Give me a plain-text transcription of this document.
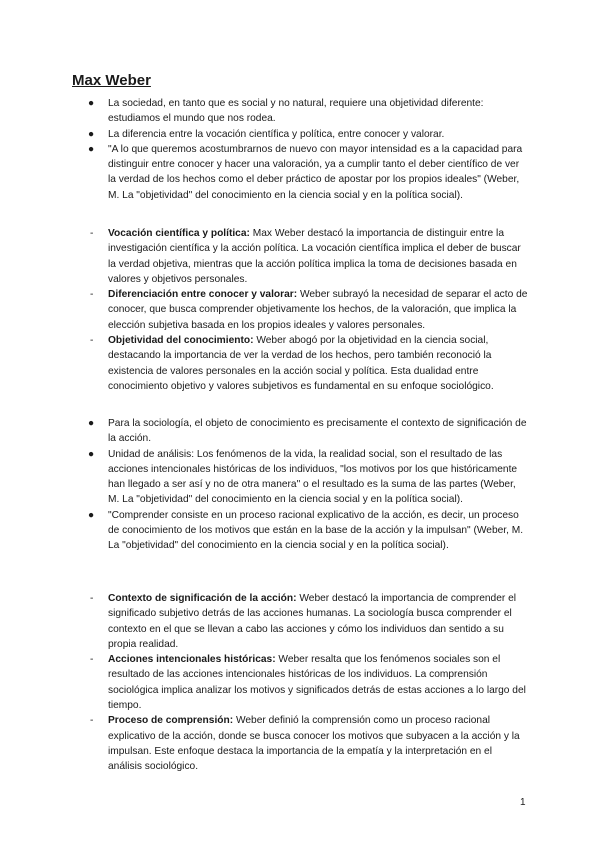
Max Weber
● La sociedad, en tanto que es social y no natural, requiere una objetividad diferente: estudiamos el mundo que nos rodea.
● La diferencia entre la vocación científica y política, entre conocer y valorar.
● "A lo que queremos acostumbrarnos de nuevo con mayor intensidad es a la capacidad para distinguir entre conocer y hacer una valoración, ya a cumplir tanto el deber científico de ver la verdad de los hechos como el deber práctico de apostar por los propios ideales" (Weber, M. La "objetividad" del conocimiento en la ciencia social y en la política social).
- Vocación científica y política: Max Weber destacó la importancia de distinguir entre la investigación científica y la acción política. La vocación científica implica el deber de buscar la verdad objetiva, mientras que la acción política implica la toma de decisiones basada en valores y objetivos personales.
- Diferenciación entre conocer y valorar: Weber subrayó la necesidad de separar el acto de conocer, que busca comprender objetivamente los hechos, de la valoración, que implica la elección subjetiva basada en los propios ideales y valores personales.
- Objetividad del conocimiento: Weber abogó por la objetividad en la ciencia social, destacando la importancia de ver la verdad de los hechos, pero también reconoció la existencia de valores personales en la acción social y política. Esta dualidad entre conocimiento objetivo y valores subjetivos es fundamental en su enfoque sociológico.
● Para la sociología, el objeto de conocimiento es precisamente el contexto de significación de la acción.
● Unidad de análisis: Los fenómenos de la vida, la realidad social, son el resultado de las acciones intencionales históricas de los individuos, "los motivos por los que históricamente han llegado a ser así y no de otra manera" o el resultado es la suma de las partes (Weber, M. La "objetividad" del conocimiento en la ciencia social y en la política social).
● "Comprender consiste en un proceso racional explicativo de la acción, es decir, un proceso de conocimiento de los motivos que están en la base de la acción y la impulsan" (Weber, M. La "objetividad" del conocimiento en la ciencia social y en la política social).
- Contexto de significación de la acción: Weber destacó la importancia de comprender el significado subjetivo detrás de las acciones humanas. La sociología busca comprender el contexto en el que se llevan a cabo las acciones y cómo los individuos dan sentido a su propia realidad.
- Acciones intencionales históricas: Weber resalta que los fenómenos sociales son el resultado de las acciones intencionales históricas de los individuos. La comprensión sociológica implica analizar los motivos y significados detrás de estas acciones a lo largo del tiempo.
- Proceso de comprensión: Weber definió la comprensión como un proceso racional explicativo de la acción, donde se busca conocer los motivos que subyacen a la acción y la impulsan. Este enfoque destaca la importancia de la empatía y la interpretación en el análisis sociológico.
1
